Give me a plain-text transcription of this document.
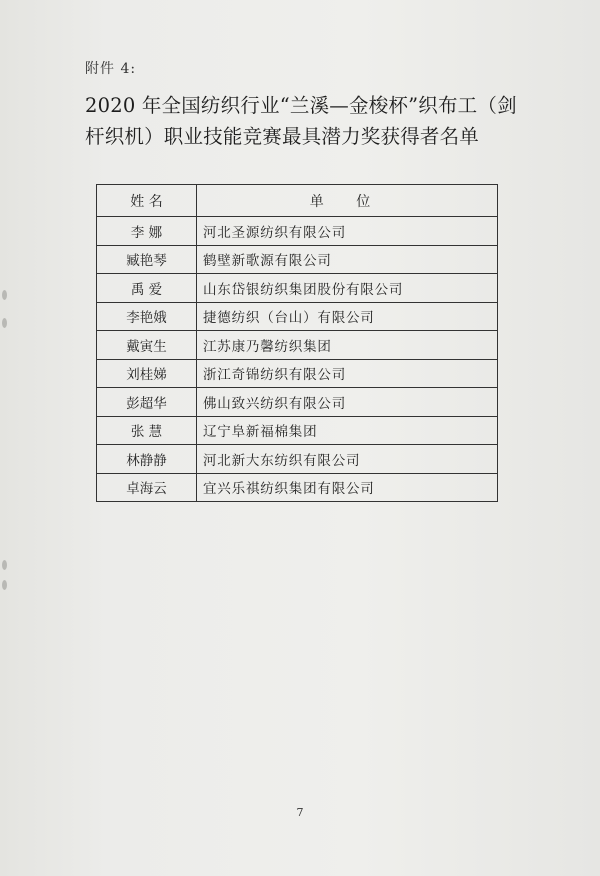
附件 4:
2020 年全国纺织行业“兰溪—金梭杯”织布工（剑杆织机）职业技能竞赛最具潜力奖获得者名单
姓 名	单 位
李 娜	河北圣源纺织有限公司
臧艳琴	鹤壁新歌源有限公司
禹 爱	山东岱银纺织集团股份有限公司
李艳娥	捷德纺织（台山）有限公司
戴寅生	江苏康乃馨纺织集团
刘桂娣	浙江奇锦纺织有限公司
彭超华	佛山致兴纺织有限公司
张 慧	辽宁阜新福棉集团
林静静	河北新大东纺织有限公司
卓海云	宜兴乐祺纺织集团有限公司
7
